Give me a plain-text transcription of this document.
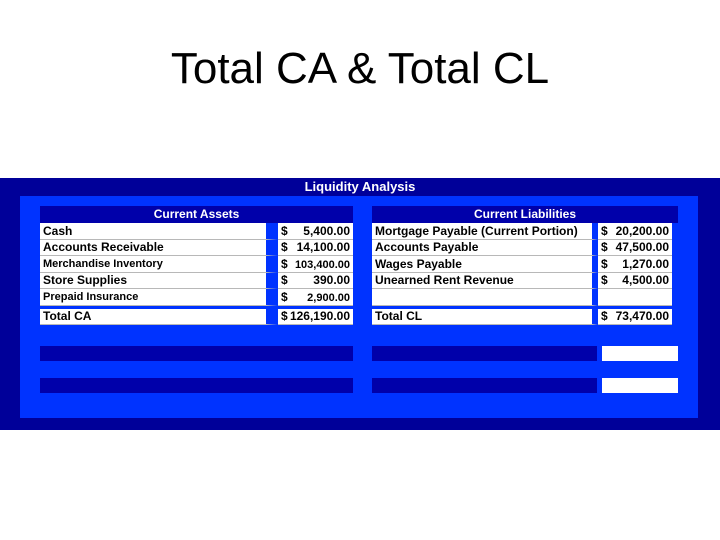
Total CA & Total CL
Liquidity Analysis
Current Assets
Cash	$ 5,400.00
Accounts Receivable	$ 14,100.00
Merchandise Inventory	$ 103,400.00
Store Supplies	$ 390.00
Prepaid Insurance	$ 2,900.00
Total CA	$ 126,190.00
Current Liabilities
Mortgage Payable (Current Portion)	$ 20,200.00
Accounts Payable	$ 47,500.00
Wages Payable	$ 1,270.00
Unearned Rent Revenue	$ 4,500.00

Total CL	$ 73,470.00
